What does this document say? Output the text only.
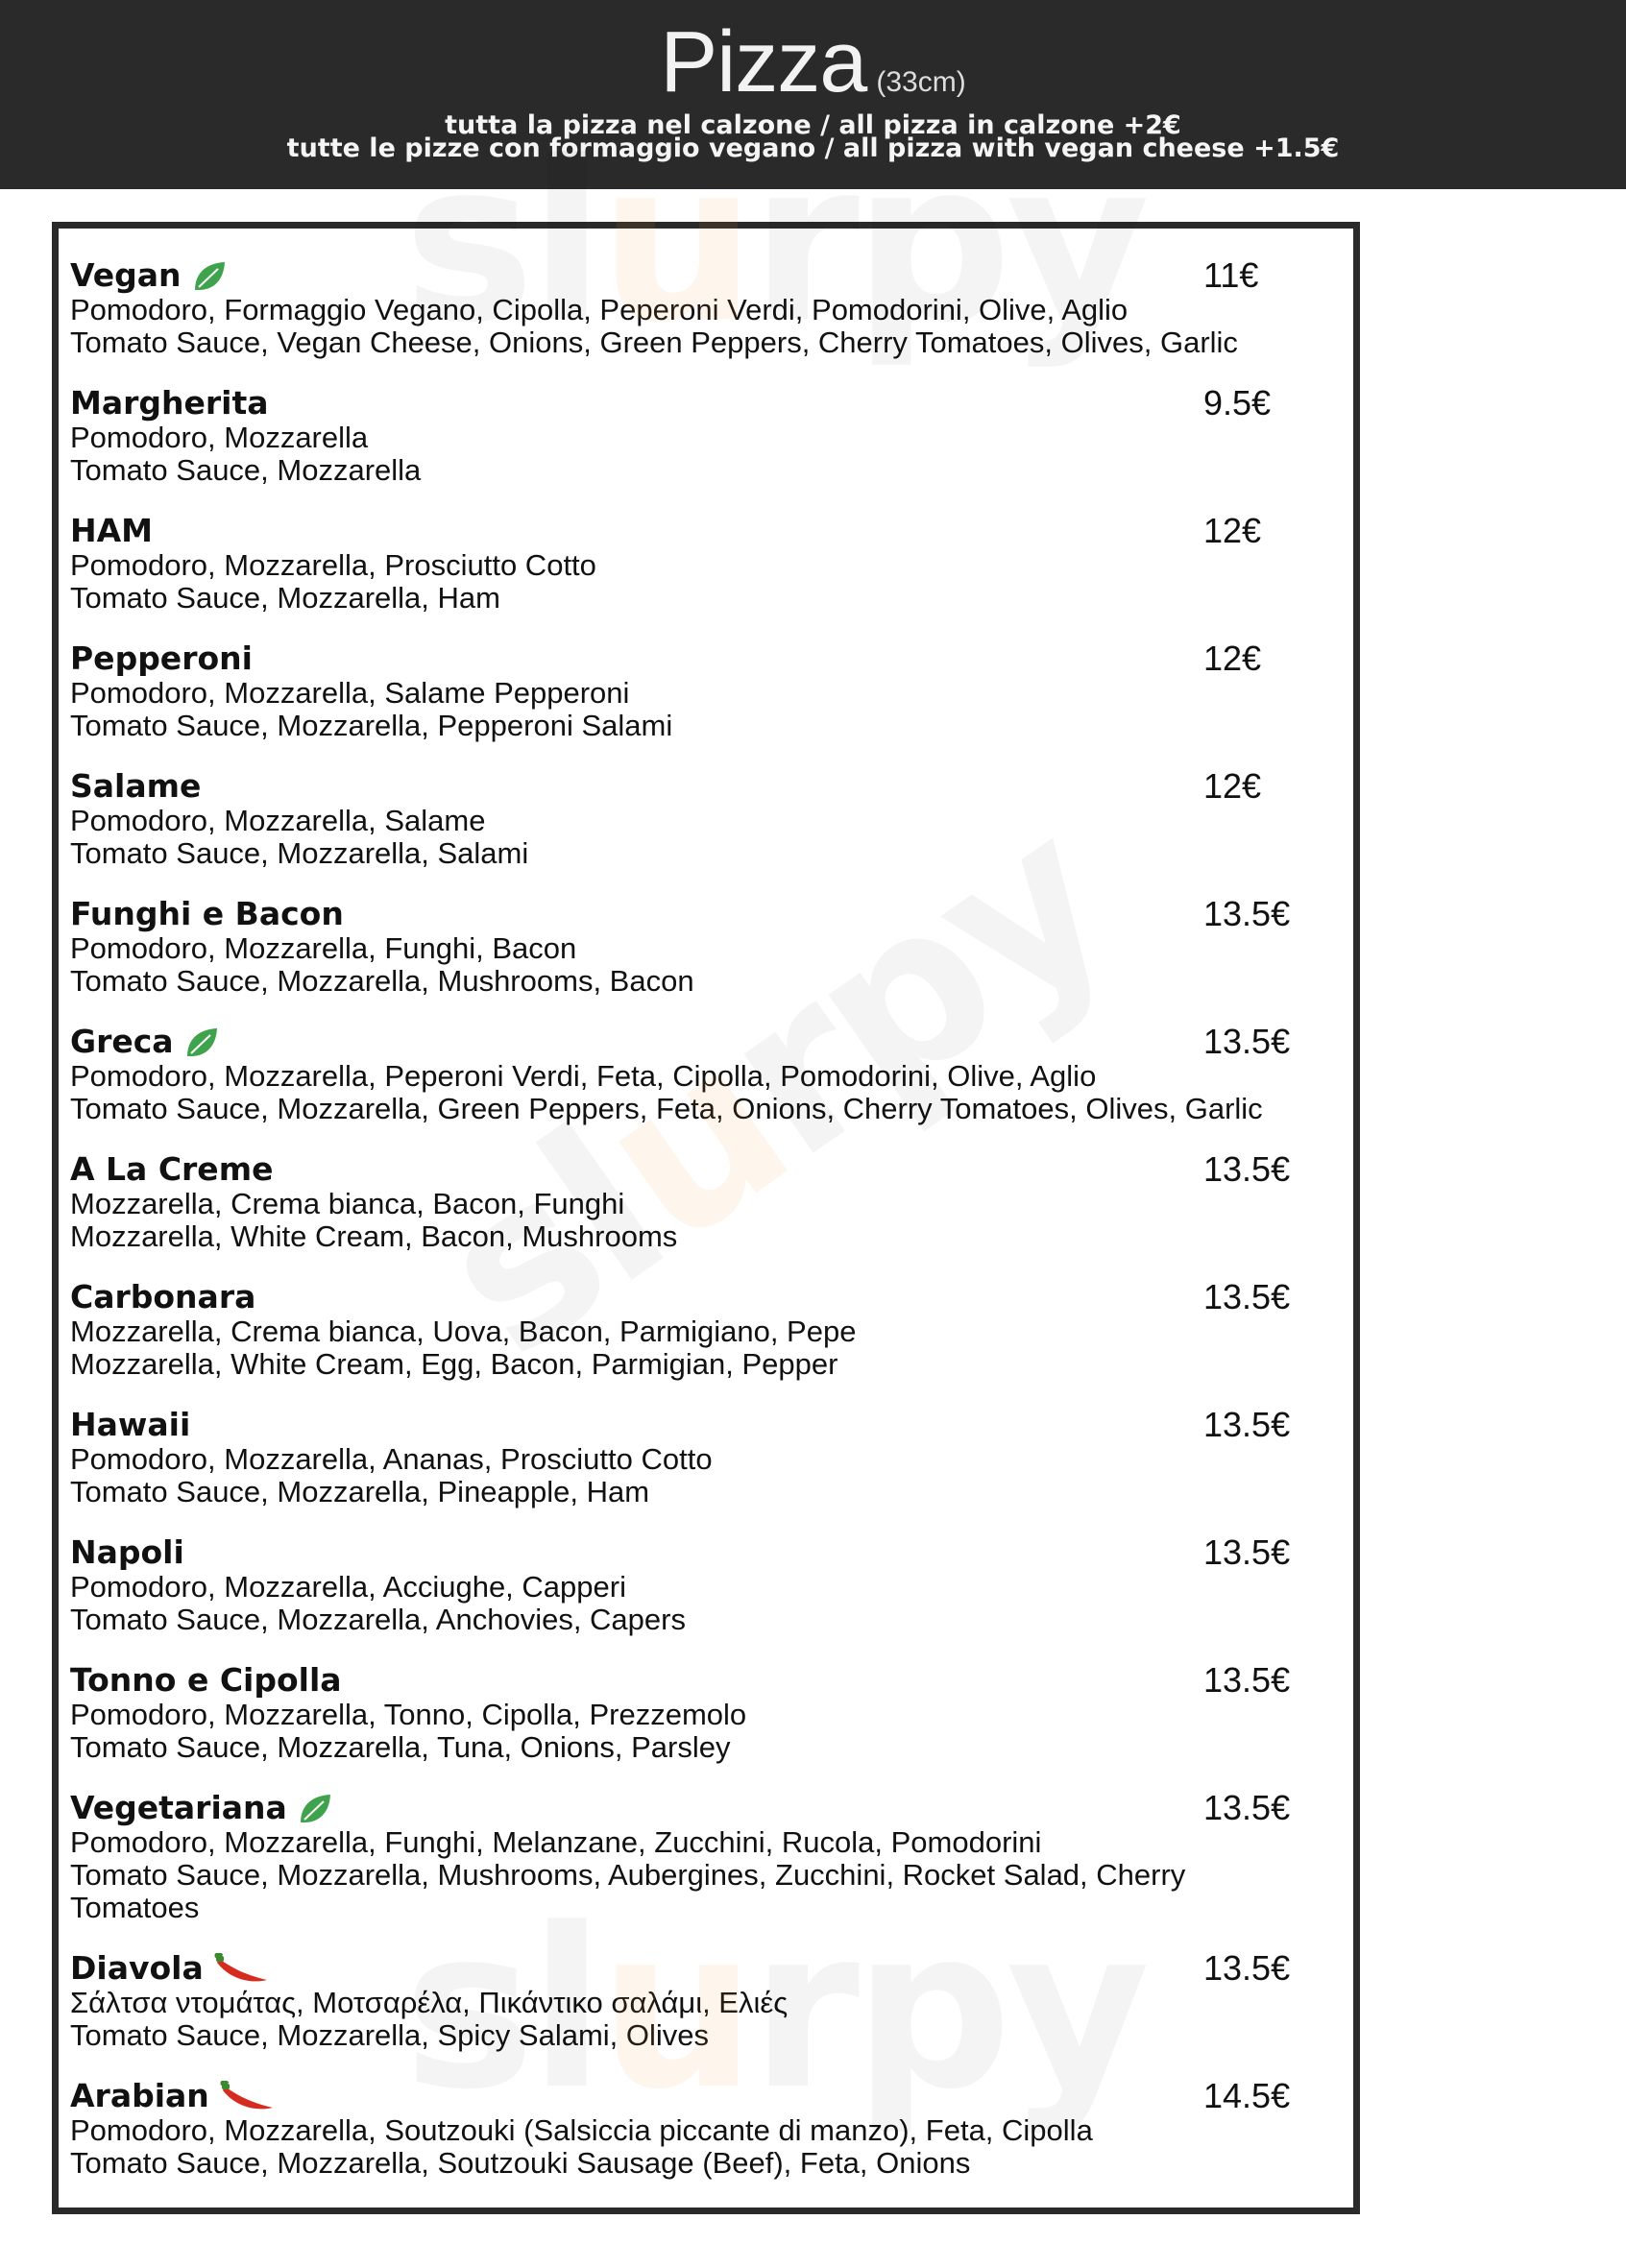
Pizza (33cm)
tutta la pizza nel calzone / all pizza in calzone +2€
tutte le pizze con formaggio vegano / all pizza with vegan cheese +1.5€
Vegan	11€
Pomodoro, Formaggio Vegano, Cipolla, Peperoni Verdi, Pomodorini, Olive, Aglio
Tomato Sauce, Vegan Cheese, Onions, Green Peppers, Cherry Tomatoes, Olives, Garlic
Margherita	9.5€
Pomodoro, Mozzarella
Tomato Sauce, Mozzarella
HAM	12€
Pomodoro, Mozzarella, Prosciutto Cotto
Tomato Sauce, Mozzarella, Ham
Pepperoni	12€
Pomodoro, Mozzarella, Salame Pepperoni
Tomato Sauce, Mozzarella, Pepperoni Salami
Salame	12€
Pomodoro, Mozzarella, Salame
Tomato Sauce, Mozzarella, Salami
Funghi e Bacon	13.5€
Pomodoro, Mozzarella, Funghi, Bacon
Tomato Sauce, Mozzarella, Mushrooms, Bacon
Greca	13.5€
Pomodoro, Mozzarella, Peperoni Verdi, Feta, Cipolla, Pomodorini, Olive, Aglio
Tomato Sauce, Mozzarella, Green Peppers, Feta, Onions, Cherry Tomatoes, Olives, Garlic
A La Creme	13.5€
Mozzarella, Crema bianca, Bacon, Funghi
Mozzarella, White Cream, Bacon, Mushrooms
Carbonara	13.5€
Mozzarella, Crema bianca, Uova, Bacon, Parmigiano, Pepe
Mozzarella, White Cream, Egg, Bacon, Parmigian, Pepper
Hawaii	13.5€
Pomodoro, Mozzarella, Ananas, Prosciutto Cotto
Tomato Sauce, Mozzarella, Pineapple, Ham
Napoli	13.5€
Pomodoro, Mozzarella, Acciughe, Capperi
Tomato Sauce, Mozzarella, Anchovies, Capers
Tonno e Cipolla	13.5€
Pomodoro, Mozzarella, Tonno, Cipolla, Prezzemolo
Tomato Sauce, Mozzarella, Tuna, Onions, Parsley
Vegetariana	13.5€
Pomodoro, Mozzarella, Funghi, Melanzane, Zucchini, Rucola, Pomodorini
Tomato Sauce, Mozzarella, Mushrooms, Aubergines, Zucchini, Rocket Salad, Cherry Tomatoes
Diavola	13.5€
Σάλτσα ντομάτας, Μοτσαρέλα, Πικάντικο σαλάμι, Ελιές
Tomato Sauce, Mozzarella, Spicy Salami, Olives
Arabian	14.5€
Pomodoro, Mozzarella, Soutzouki (Salsiccia piccante di manzo), Feta, Cipolla
Tomato Sauce, Mozzarella, Soutzouki Sausage (Beef), Feta, Onions
